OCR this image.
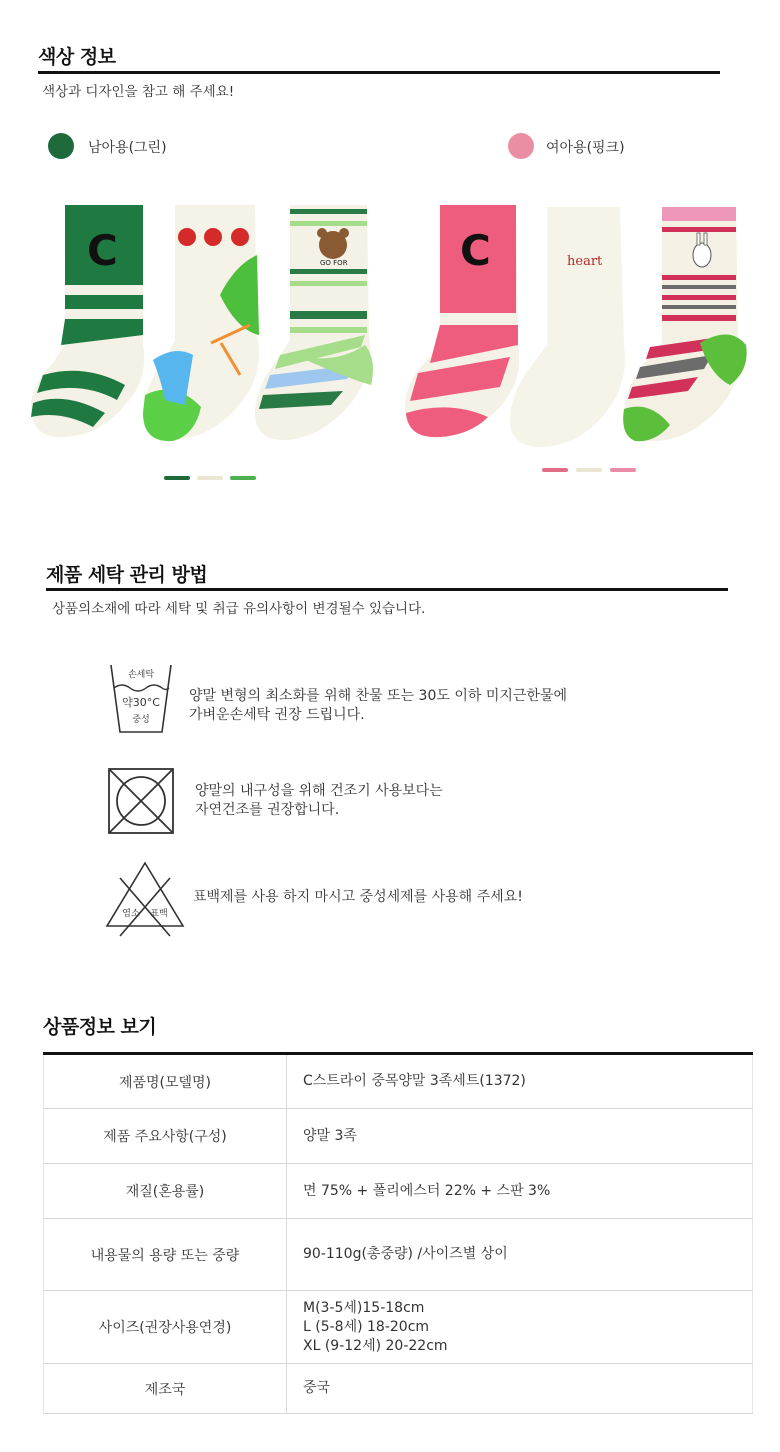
색상 정보
색상과 디자인을 참고 해 주세요!
남아용(그린)	여아용(핑크)
C	GO FOR	C	heart
제품 세탁 관리 방법
상품의소재에 따라 세탁 및 취급 유의사항이 변경될수 있습니다.
손세탁
약30°C
중성
양말 변형의 최소화를 위해 찬물 또는 30도 이하 미지근한물에
가벼운손세탁 권장 드립니다.
양말의 내구성을 위해 건조기 사용보다는
자연건조를 권장합니다.
염소 표백
표백제를 사용 하지 마시고 중성세제를 사용해 주세요!
상품정보 보기
제품명(모델명)	C스트라이 중목양말 3족세트(1372)

제품 주요사항(구성)	양말 3족

재질(혼용률)	면 75% + 폴리에스터 22% + 스판 3%

내용물의 용량 또는 중량	90-110g(총중량) /사이즈별 상이

사이즈(권장사용연경)	M(3-5세)15-18cm
L (5-8세) 18-20cm
XL (9-12세) 20-22cm

제조국	중국
